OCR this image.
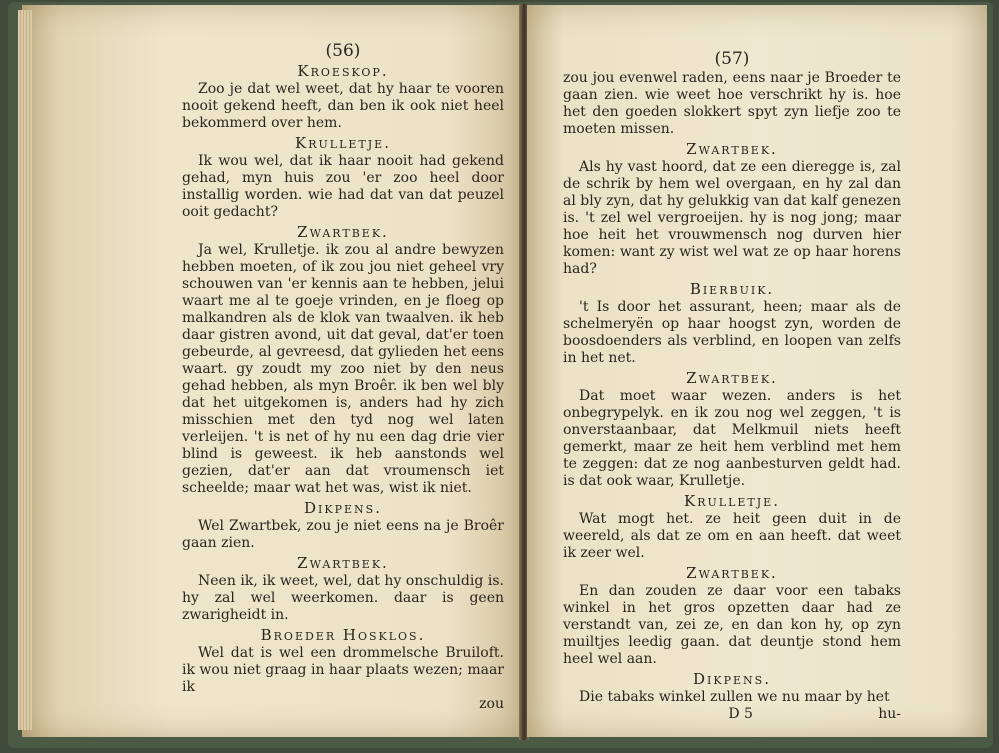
(56)
Kroeskop.

Zoo je dat wel weet, dat hy haar te vooren nooit gekend heeft, dan ben ik ook niet heel bekommerd over hem.

Krulletje.

Ik wou wel, dat ik haar nooit had gekend gehad, myn huis zou 'er zoo heel door installig worden. wie had dat van dat peuzel ooit gedacht?

Zwartbek.

Ja wel, Krulletje. ik zou al andre bewyzen hebben moeten, of ik zou jou niet geheel vry schouwen van 'er kennis aan te hebben, jelui waart me al te goeje vrinden, en je floeg op malkandren als de klok van twaalven. ik heb daar gistren avond, uit dat geval, dat'er toen gebeurde, al gevreesd, dat gylieden het eens waart. gy zoudt my zoo niet by den neus gehad hebben, als myn Broêr. ik ben wel bly dat het uitgekomen is, anders had hy zich misschien met den tyd nog wel laten verleijen. 't is net of hy nu een dag drie vier blind is geweest. ik heb aanstonds wel gezien, dat'er aan dat vroumensch iet scheelde; maar wat het was, wist ik niet.

Dikpens.

Wel Zwartbek, zou je niet eens na je Broêr gaan zien.

Zwartbek.

Neen ik, ik weet, wel, dat hy onschuldig is. hy zal wel weerkomen. daar is geen zwarigheidt in.

Broeder Hosklos.

Wel dat is wel een drommelsche Bruiloft. ik wou niet graag in haar plaats wezen; maar ik

zou
(57)

zou jou evenwel raden, eens naar je Broeder te gaan zien. wie weet hoe verschrikt hy is. hoe het den goeden slokkert spyt zyn liefje zoo te moeten missen.

Zwartbek.

Als hy vast hoord, dat ze een dieregge is, zal de schrik by hem wel overgaan, en hy zal dan al bly zyn, dat hy gelukkig van dat kalf genezen is. 't zel wel vergroeijen. hy is nog jong; maar hoe heit het vrouwmensch nog durven hier komen: want zy wist wel wat ze op haar horens had?

Bierbuik.

't Is door het assurant, heen; maar als de schelmeryën op haar hoogst zyn, worden de boosdoenders als verblind, en loopen van zelfs in het net.

Zwartbek.

Dat moet waar wezen. anders is het onbegrypelyk. en ik zou nog wel zeggen, 't is onverstaanbaar, dat Melkmuil niets heeft gemerkt, maar ze heit hem verblind met hem te zeggen: dat ze nog aanbesturven geldt had. is dat ook waar, Krulletje.

Krulletje.

Wat mogt het. ze heit geen duit in de weereld, als dat ze om en aan heeft. dat weet ik zeer wel.

Zwartbek.

En dan zouden ze daar voor een tabaks winkel in het gros opzetten daar had ze verstandt van, zei ze, en dan kon hy, op zyn muiltjes leedig gaan. dat deuntje stond hem heel wel aan.

Dikpens.

Die tabaks winkel zullen we nu maar by het

D 5	hu-
